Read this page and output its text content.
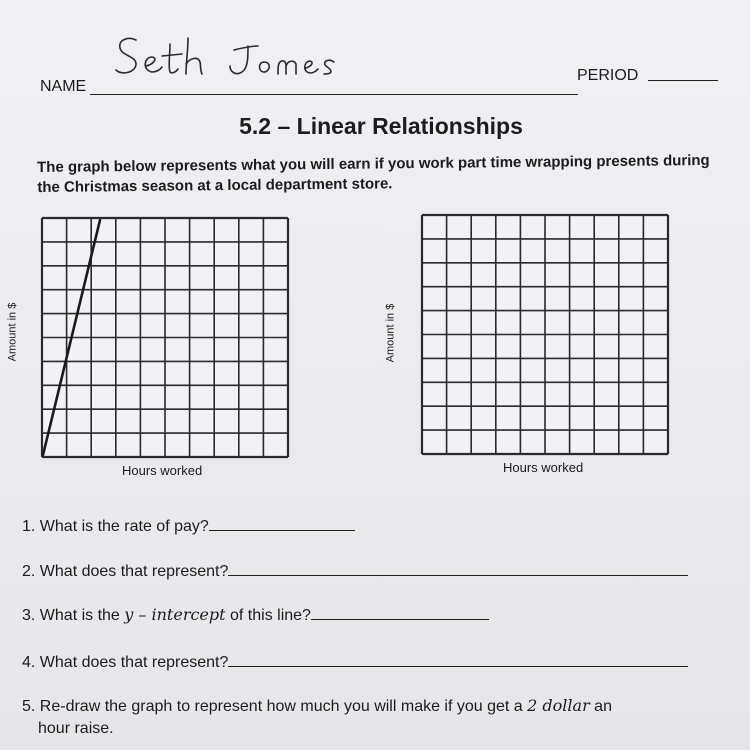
NAME
PERIOD
5.2 – Linear Relationships
The graph below represents what you will earn if you work part time wrapping presents during the Christmas season at a local department store.
Amount in $
Hours worked
Amount in $
Hours worked
1. What is the rate of pay?
2. What does that represent?
3. What is the y – intercept of this line?
4. What does that represent?
5. Re-draw the graph to represent how much you will make if you get a 2 dollar an
hour raise.
